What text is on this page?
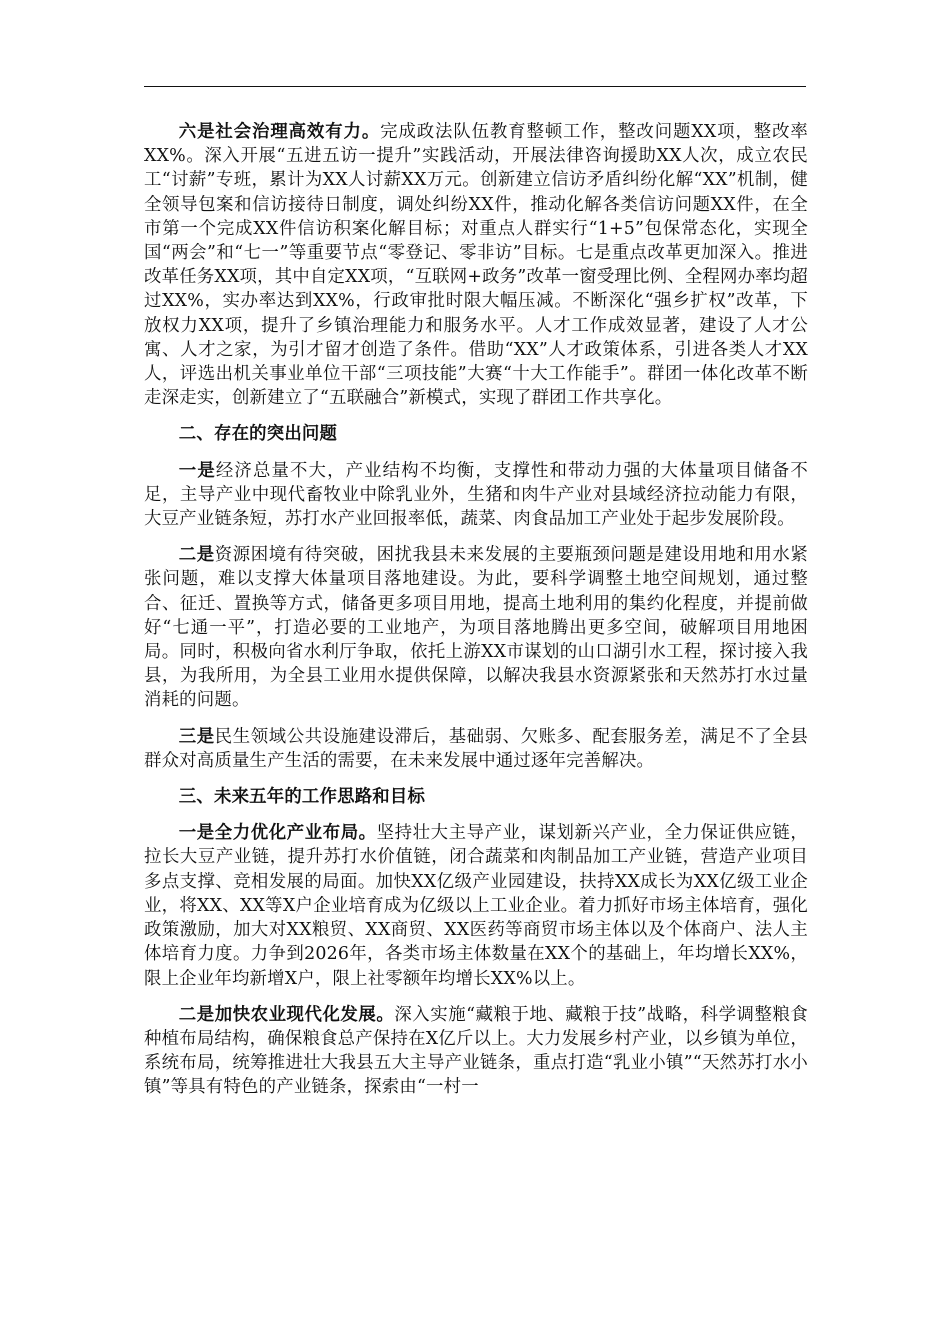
六是社会治理高效有力。完成政法队伍教育整顿工作，整改问题XX项，整改率XX%。深入开展“五进五访一提升”实践活动，开展法律咨询援助XX人次，成立农民工“讨薪”专班，累计为XX人讨薪XX万元。创新建立信访矛盾纠纷化解“XX”机制，健全领导包案和信访接待日制度，调处纠纷XX件，推动化解各类信访问题XX件，在全市第一个完成XX件信访积案化解目标；对重点人群实行“1+5”包保常态化，实现全国“两会”和“七一”等重要节点“零登记、零非访”目标。七是重点改革更加深入。推进改革任务XX项，其中自定XX项，“互联网+政务”改革一窗受理比例、全程网办率均超过XX%，实办率达到XX%，行政审批时限大幅压减。不断深化“强乡扩权”改革，下放权力XX项，提升了乡镇治理能力和服务水平。人才工作成效显著，建设了人才公寓、人才之家，为引才留才创造了条件。借助“XX”人才政策体系，引进各类人才XX人，评选出机关事业单位干部“三项技能”大赛“十大工作能手”。群团一体化改革不断走深走实，创新建立了“五联融合”新模式，实现了群团工作共享化。

二、存在的突出问题

一是经济总量不大，产业结构不均衡，支撑性和带动力强的大体量项目储备不足，主导产业中现代畜牧业中除乳业外，生猪和肉牛产业对县域经济拉动能力有限，大豆产业链条短，苏打水产业回报率低，蔬菜、肉食品加工产业处于起步发展阶段。

二是资源困境有待突破，困扰我县未来发展的主要瓶颈问题是建设用地和用水紧张问题，难以支撑大体量项目落地建设。为此，要科学调整土地空间规划，通过整合、征迁、置换等方式，储备更多项目用地，提高土地利用的集约化程度，并提前做好“七通一平”，打造必要的工业地产，为项目落地腾出更多空间，破解项目用地困局。同时，积极向省水利厅争取，依托上游XX市谋划的山口湖引水工程，探讨接入我县，为我所用，为全县工业用水提供保障，以解决我县水资源紧张和天然苏打水过量消耗的问题。

三是民生领域公共设施建设滞后，基础弱、欠账多、配套服务差，满足不了全县群众对高质量生产生活的需要，在未来发展中通过逐年完善解决。

三、未来五年的工作思路和目标

一是全力优化产业布局。坚持壮大主导产业，谋划新兴产业，全力保证供应链，拉长大豆产业链，提升苏打水价值链，闭合蔬菜和肉制品加工产业链，营造产业项目多点支撑、竞相发展的局面。加快XX亿级产业园建设，扶持XX成长为XX亿级工业企业，将XX、XX等X户企业培育成为亿级以上工业企业。着力抓好市场主体培育，强化政策激励，加大对XX粮贸、XX商贸、XX医药等商贸市场主体以及个体商户、法人主体培育力度。力争到2026年，各类市场主体数量在XX个的基础上，年均增长XX%，限上企业年均新增X户，限上社零额年均增长XX%以上。

二是加快农业现代化发展。深入实施“藏粮于地、藏粮于技”战略，科学调整粮食种植布局结构，确保粮食总产保持在X亿斤以上。大力发展乡村产业，以乡镇为单位，系统布局，统筹推进壮大我县五大主导产业链条，重点打造“乳业小镇”“天然苏打水小镇”等具有特色的产业链条，探索由“一村一
